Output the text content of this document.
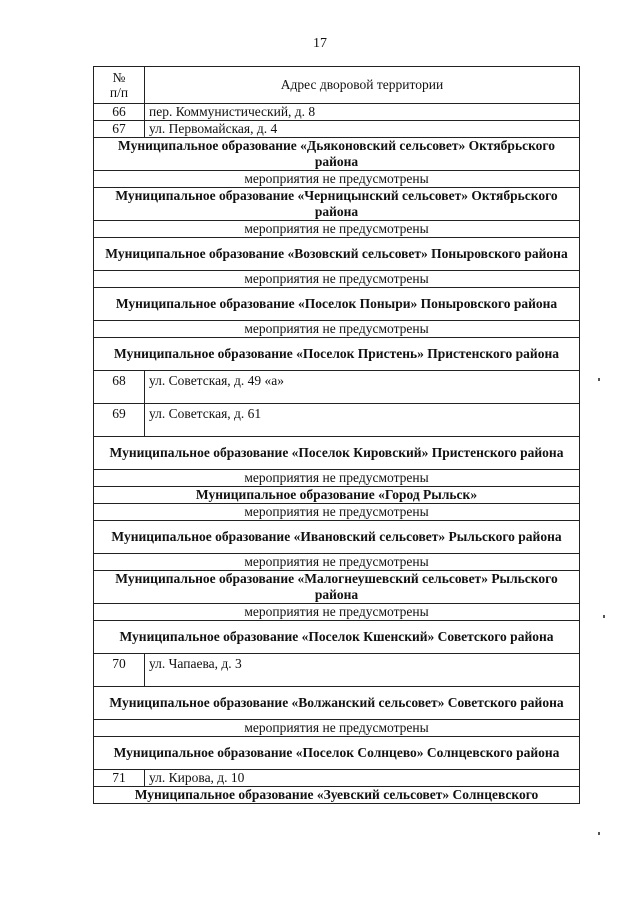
17
№
п/п	Адрес дворовой территории
66	пер. Коммунистический, д. 8
67	ул. Первомайская, д. 4
Муниципальное образование «Дьяконовский сельсовет» Октябрьского района	
мероприятия не предусмотрены	
Муниципальное образование «Черницынский сельсовет» Октябрьского района	
мероприятия не предусмотрены	
Муниципальное образование «Возовский сельсовет» Поныровского района	
мероприятия не предусмотрены	
Муниципальное образование «Поселок Поныри» Поныровского района	
мероприятия не предусмотрены	
Муниципальное образование «Поселок Пристень» Пристенского района	
68	ул. Советская, д. 49 «а»
69	ул. Советская, д. 61
Муниципальное образование «Поселок Кировский» Пристенского района	
мероприятия не предусмотрены	
Муниципальное образование «Город Рыльск»	
мероприятия не предусмотрены	
Муниципальное образование «Ивановский сельсовет» Рыльского района	
мероприятия не предусмотрены	
Муниципальное образование «Малогнеушевский сельсовет» Рыльского района	
мероприятия не предусмотрены	
Муниципальное образование «Поселок Кшенский» Советского района	
70	ул. Чапаева, д. 3
Муниципальное образование «Волжанский сельсовет» Советского района	
мероприятия не предусмотрены	
Муниципальное образование «Поселок Солнцево» Солнцевского района	
71	ул. Кирова, д. 10
Муниципальное образование «Зуевский сельсовет» Солнцевского	
